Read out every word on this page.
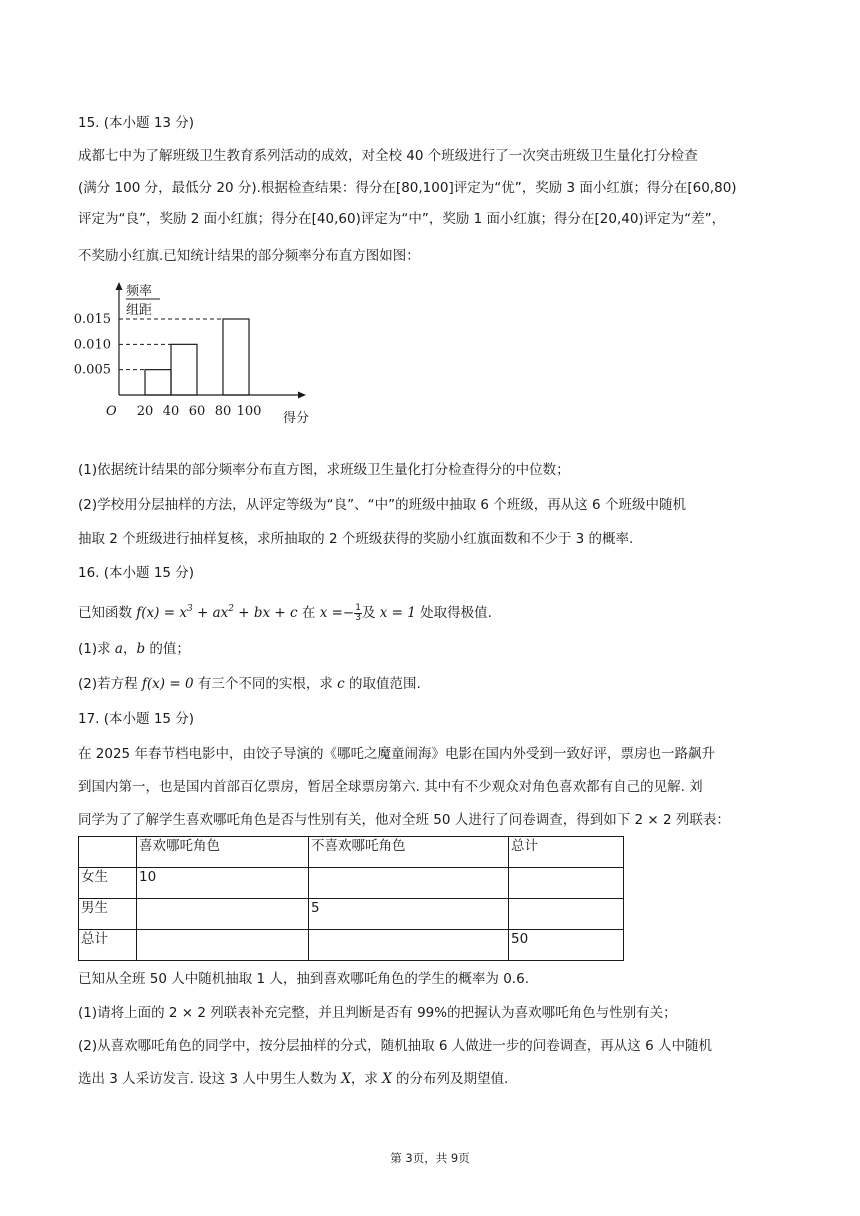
15. (本小题 13 分)
成都七中为了解班级卫生教育系列活动的成效，对全校 40 个班级进行了一次突击班级卫生量化打分检查
(满分 100 分，最低分 20 分).根据检查结果：得分在[80,100]评定为“优”，奖励 3 面小红旗；得分在[60,80)
评定为“良”，奖励 2 面小红旗；得分在[40,60)评定为“中”，奖励 1 面小红旗；得分在[20,40)评定为“差”，
不奖励小红旗.已知统计结果的部分频率分布直方图如图：
0.015
0.010
0.005
20 40 60 80 100
O
频率
组距
得分
(1)依据统计结果的部分频率分布直方图，求班级卫生量化打分检查得分的中位数；
(2)学校用分层抽样的方法，从评定等级为“良”、“中”的班级中抽取 6 个班级，再从这 6 个班级中随机
抽取 2 个班级进行抽样复核，求所抽取的 2 个班级获得的奖励小红旗面数和不少于 3 的概率.
16. (本小题 15 分)
已知函数 $f(x) = x^3 + ax^2$ + bx + c 在 $x =- \frac{1}{3}$ 及 x = 1 处取得极值.
(1)求 a，b 的值；
(2)若方程 f(x) = 0 有三个不同的实根，求 c 的取值范围.
17. (本小题 15 分)
在 2025 年春节档电影中，由饺子导演的《哪吒之魔童闹海》电影在国内外受到一致好评，票房也一路飙升
到国内第一，也是国内首部百亿票房，暂居全球票房第六. 其中有不少观众对角色喜欢都有自己的见解. 刘
同学为了了解学生喜欢哪吒角色是否与性别有关，他对全班 50 人进行了问卷调查，得到如下 2 × 2 列联表：
	喜欢哪吒角色	不喜欢哪吒角色	总计
女生	10		
男生		5	
总计			50
已知从全班 50 人中随机抽取 1 人，抽到喜欢哪吒角色的学生的概率为 0.6.
(1)请将上面的 2 × 2 列联表补充完整，并且判断是否有 99%的把握认为喜欢哪吒角色与性别有关；
(2)从喜欢哪吒角色的同学中，按分层抽样的分式，随机抽取 6 人做进一步的问卷调查，再从这 6 人中随机
选出 3 人采访发言. 设这 3 人中男生人数为 X，求 X 的分布列及期望值.
第 3页，共 9页
